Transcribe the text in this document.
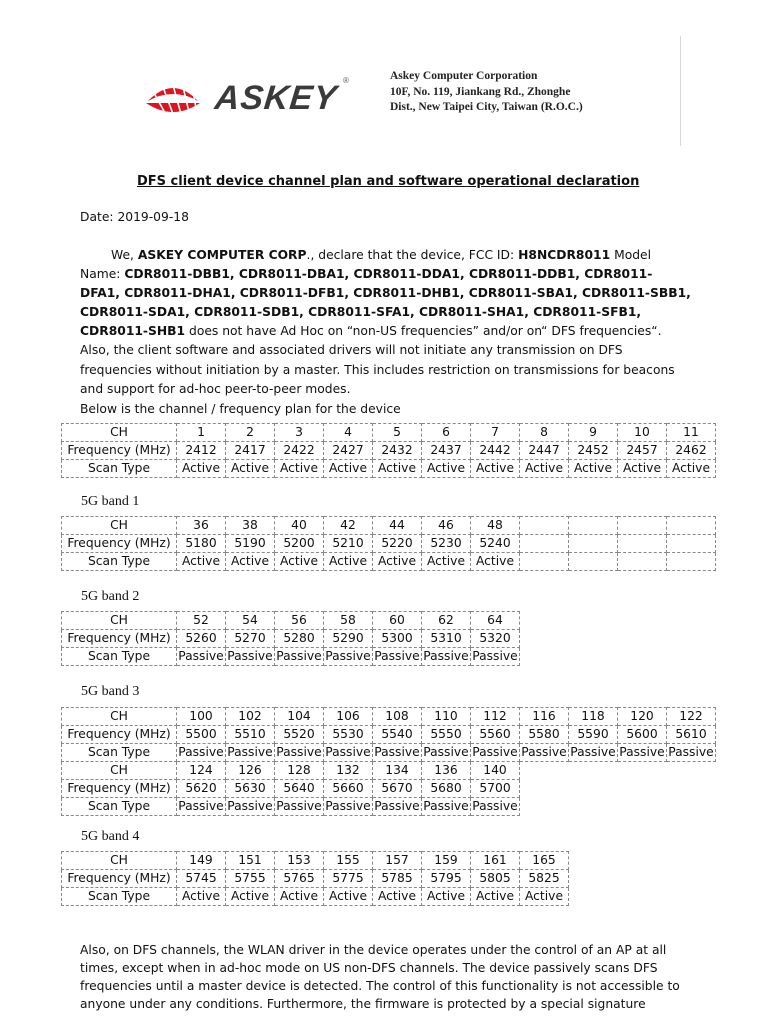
ASKEY ®	Askey Computer Corporation
10F, No. 119, Jiankang Rd., Zhonghe
Dist., New Taipei City, Taiwan (R.O.C.)
DFS client device channel plan and software operational declaration
Date: 2019-09-18

We, ASKEY COMPUTER CORP., declare that the device, FCC ID: H8NCDR8011 Model Name: CDR8011-DBB1, CDR8011-DBA1, CDR8011-DDA1, CDR8011-DDB1, CDR8011-DFA1, CDR8011-DHA1, CDR8011-DFB1, CDR8011-DHB1, CDR8011-SBA1, CDR8011-SBB1, CDR8011-SDA1, CDR8011-SDB1, CDR8011-SFA1, CDR8011-SHA1, CDR8011-SFB1, CDR8011-SHB1 does not have Ad Hoc on “non-US frequencies” and/or on“ DFS frequencies“. Also, the client software and associated drivers will not initiate any transmission on DFS frequencies without initiation by a master. This includes restriction on transmissions for beacons and support for ad-hoc peer-to-peer modes.

Below is the channel / frequency plan for the device
CH	1	2	3	4	5	6	7	8	9	10	11
Frequency (MHz)	2412	2417	2422	2427	2432	2437	2442	2447	2452	2457	2462
Scan Type	Active	Active	Active	Active	Active	Active	Active	Active	Active	Active	Active
5G band 1
CH	36	38	40	42	44	46	48				
Frequency (MHz)	5180	5190	5200	5210	5220	5230	5240				
Scan Type	Active	Active	Active	Active	Active	Active	Active				
5G band 2
CH	52	54	56	58	60	62	64				
Frequency (MHz)	5260	5270	5280	5290	5300	5310	5320				
Scan Type	Passive	Passive	Passive	Passive	Passive	Passive	Passive				
5G band 3
CH	100	102	104	106	108	110	112	116	118	120	122
Frequency (MHz)	5500	5510	5520	5530	5540	5550	5560	5580	5590	5600	5610
Scan Type	Passive	Passive	Passive	Passive	Passive	Passive	Passive	Passive	Passive	Passive	Passive
CH	124	126	128	132	134	136	140				
Frequency (MHz)	5620	5630	5640	5660	5670	5680	5700				
Scan Type	Passive	Passive	Passive	Passive	Passive	Passive	Passive				
5G band 4
CH	149	151	153	155	157	159	161	165			
Frequency (MHz)	5745	5755	5765	5775	5785	5795	5805	5825			
Scan Type	Active	Active	Active	Active	Active	Active	Active	Active			

Also, on DFS channels, the WLAN driver in the device operates under the control of an AP at all times, except when in ad-hoc mode on US non-DFS channels. The device passively scans DFS frequencies until a master device is detected. The control of this functionality is not accessible to anyone under any conditions. Furthermore, the firmware is protected by a special signature
